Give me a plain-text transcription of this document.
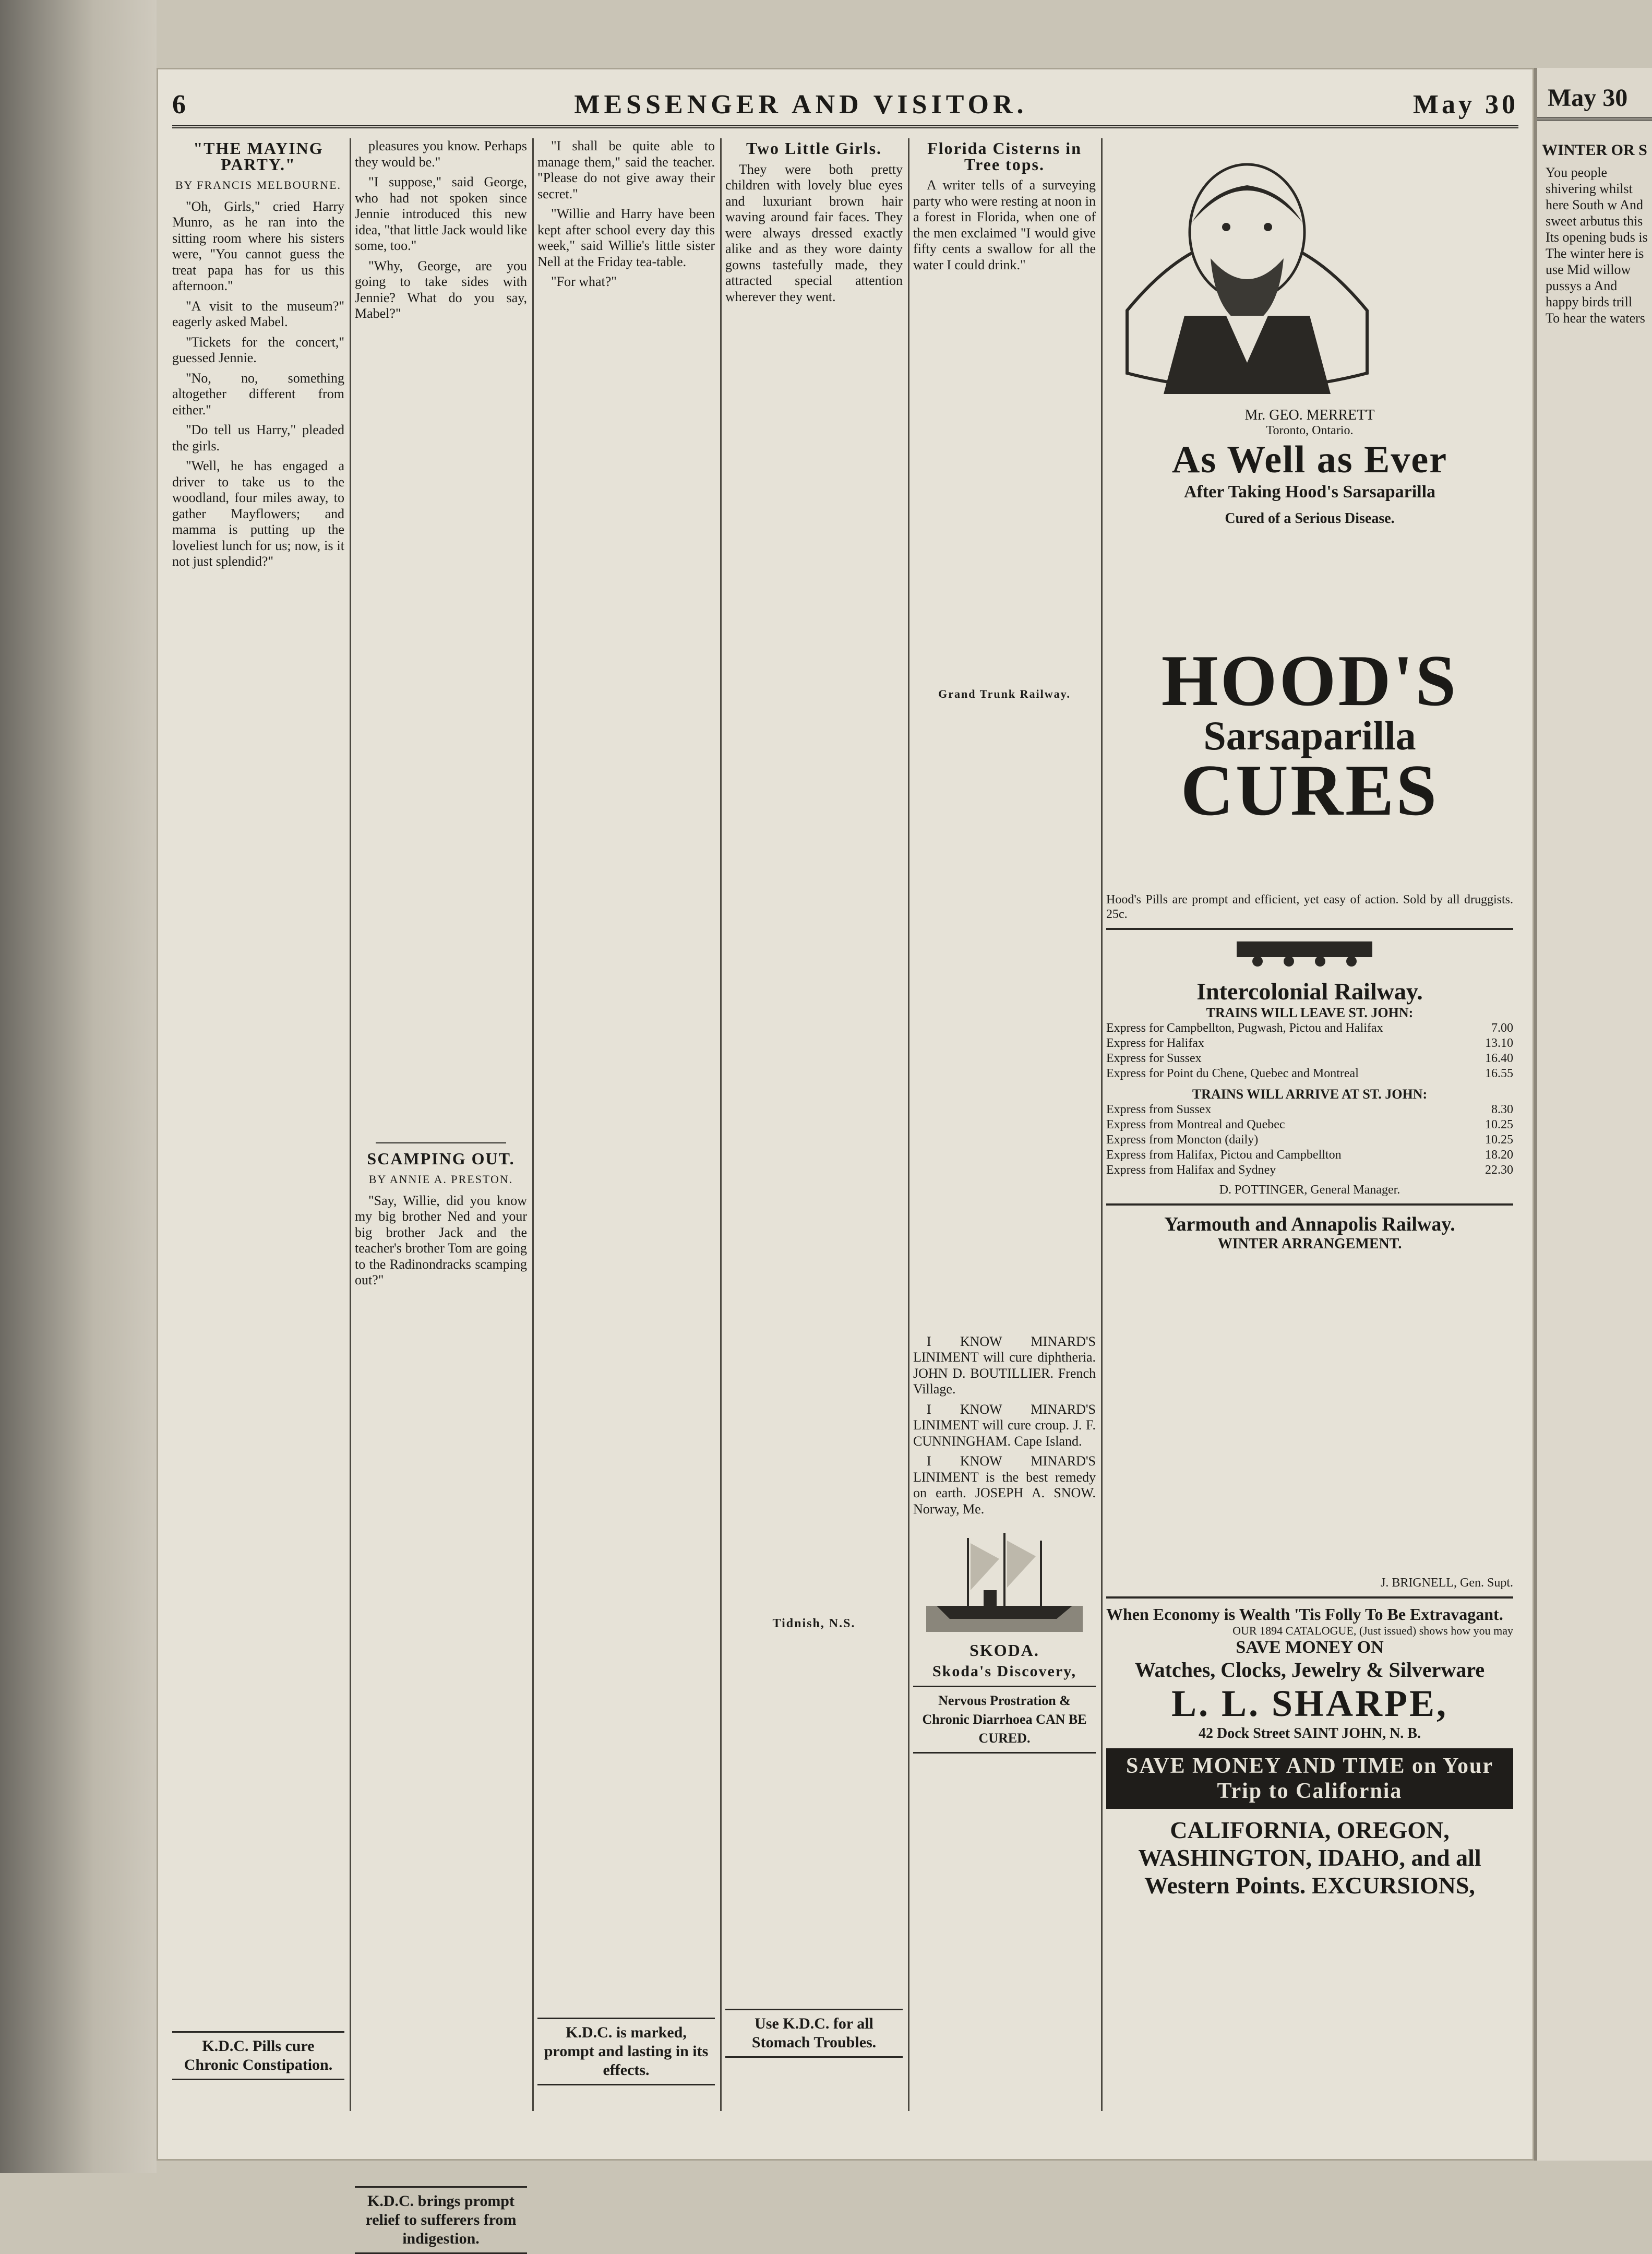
6	MESSENGER AND VISITOR.	May 30
"THE MAYING PARTY."
BY FRANCIS MELBOURNE.

"Oh, Girls," cried Harry Munro, as he ran into the sitting room where his sisters were, "You cannot guess the treat papa has for us this afternoon."

"A visit to the museum?" eagerly asked Mabel.

"Tickets for the concert," guessed Jennie.

"No, no, something altogether different from either."

"Do tell us Harry," pleaded the girls.

"Well, he has engaged a driver to take us to the woodland, four miles away, to gather Mayflowers; and mamma is putting up the loveliest lunch for us; now, is it not just splendid?"

K.D.C. Pills cure Chronic Constipation.

pleasures you know. Perhaps they would be."

"I suppose," said George, who had not spoken since Jennie introduced this new idea, "that little Jack would like some, too."

"Why, George, are you going to take sides with Jennie? What do you say, Mabel?"

SCAMPING OUT.
BY ANNIE A. PRESTON.

"Say, Willie, did you know my big brother Ned and your big brother Jack and the teacher's brother Tom are going to the Radinondracks scamping out?"

K.D.C. brings prompt relief to sufferers from indigestion.

"I shall be quite able to manage them," said the teacher. "Please do not give away their secret."

"Willie and Harry have been kept after school every day this week," said Willie's little sister Nell at the Friday tea-table.

"For what?"

K.D.C. is marked, prompt and lasting in its effects.
Two Little Girls.

They were both pretty children with lovely blue eyes and luxuriant brown hair waving around fair faces. They were always dressed exactly alike and as they wore dainty gowns tastefully made, they attracted special attention wherever they went.

Tidnish, N.S.
Use K.D.C. for all Stomach Troubles.
Florida Cisterns in Tree tops.

A writer tells of a surveying party who were resting at noon in a forest in Florida, when one of the men exclaimed "I would give fifty cents a swallow for all the water I could drink."

Grand Trunk Railway.

I KNOW MINARD'S LINIMENT will cure diphtheria. JOHN D. BOUTILLIER. French Village.

I KNOW MINARD'S LINIMENT will cure croup. J. F. CUNNINGHAM. Cape Island.

I KNOW MINARD'S LINIMENT is the best remedy on earth. JOSEPH A. SNOW. Norway, Me.

SKODA.
Skoda's Discovery,
Nervous Prostration & Chronic Diarrhoea CAN BE CURED.
Mr. GEO. MERRETT
Toronto, Ontario.
As Well as Ever
After Taking Hood's Sarsaparilla
Cured of a Serious Disease.
HOOD'S
Sarsaparilla
CURES
Hood's Pills are prompt and efficient, yet easy of action. Sold by all druggists. 25c.
Intercolonial Railway.
TRAINS WILL LEAVE ST. JOHN:
Express for Campbellton, Pugwash, Pictou and Halifax	7.00
Express for Halifax	13.10
Express for Sussex	16.40
Express for Point du Chene, Quebec and Montreal	16.55
TRAINS WILL ARRIVE AT ST. JOHN:
Express from Sussex	8.30
Express from Montreal and Quebec	10.25
Express from Moncton (daily)	10.25
Express from Halifax, Pictou and Campbellton	18.20
Express from Halifax and Sydney	22.30
D. POTTINGER, General Manager.
Yarmouth and Annapolis Railway.
WINTER ARRANGEMENT.
J. BRIGNELL, Gen. Supt.
When Economy is Wealth 'Tis Folly To Be Extravagant.
OUR 1894 CATALOGUE, (Just issued) shows how you may
SAVE MONEY ON
Watches, Clocks, Jewelry & Silverware
L. L. SHARPE,
42 Dock Street SAINT JOHN, N. B.
SAVE MONEY AND TIME on Your Trip to California
CALIFORNIA, OREGON, WASHINGTON, IDAHO, and all Western Points. EXCURSIONS,
May 30
WINTER OR S
You people shivering whilst here South w And sweet arbutus this Its opening buds is The winter here is use Mid willow pussys a And happy birds trill To hear the waters
